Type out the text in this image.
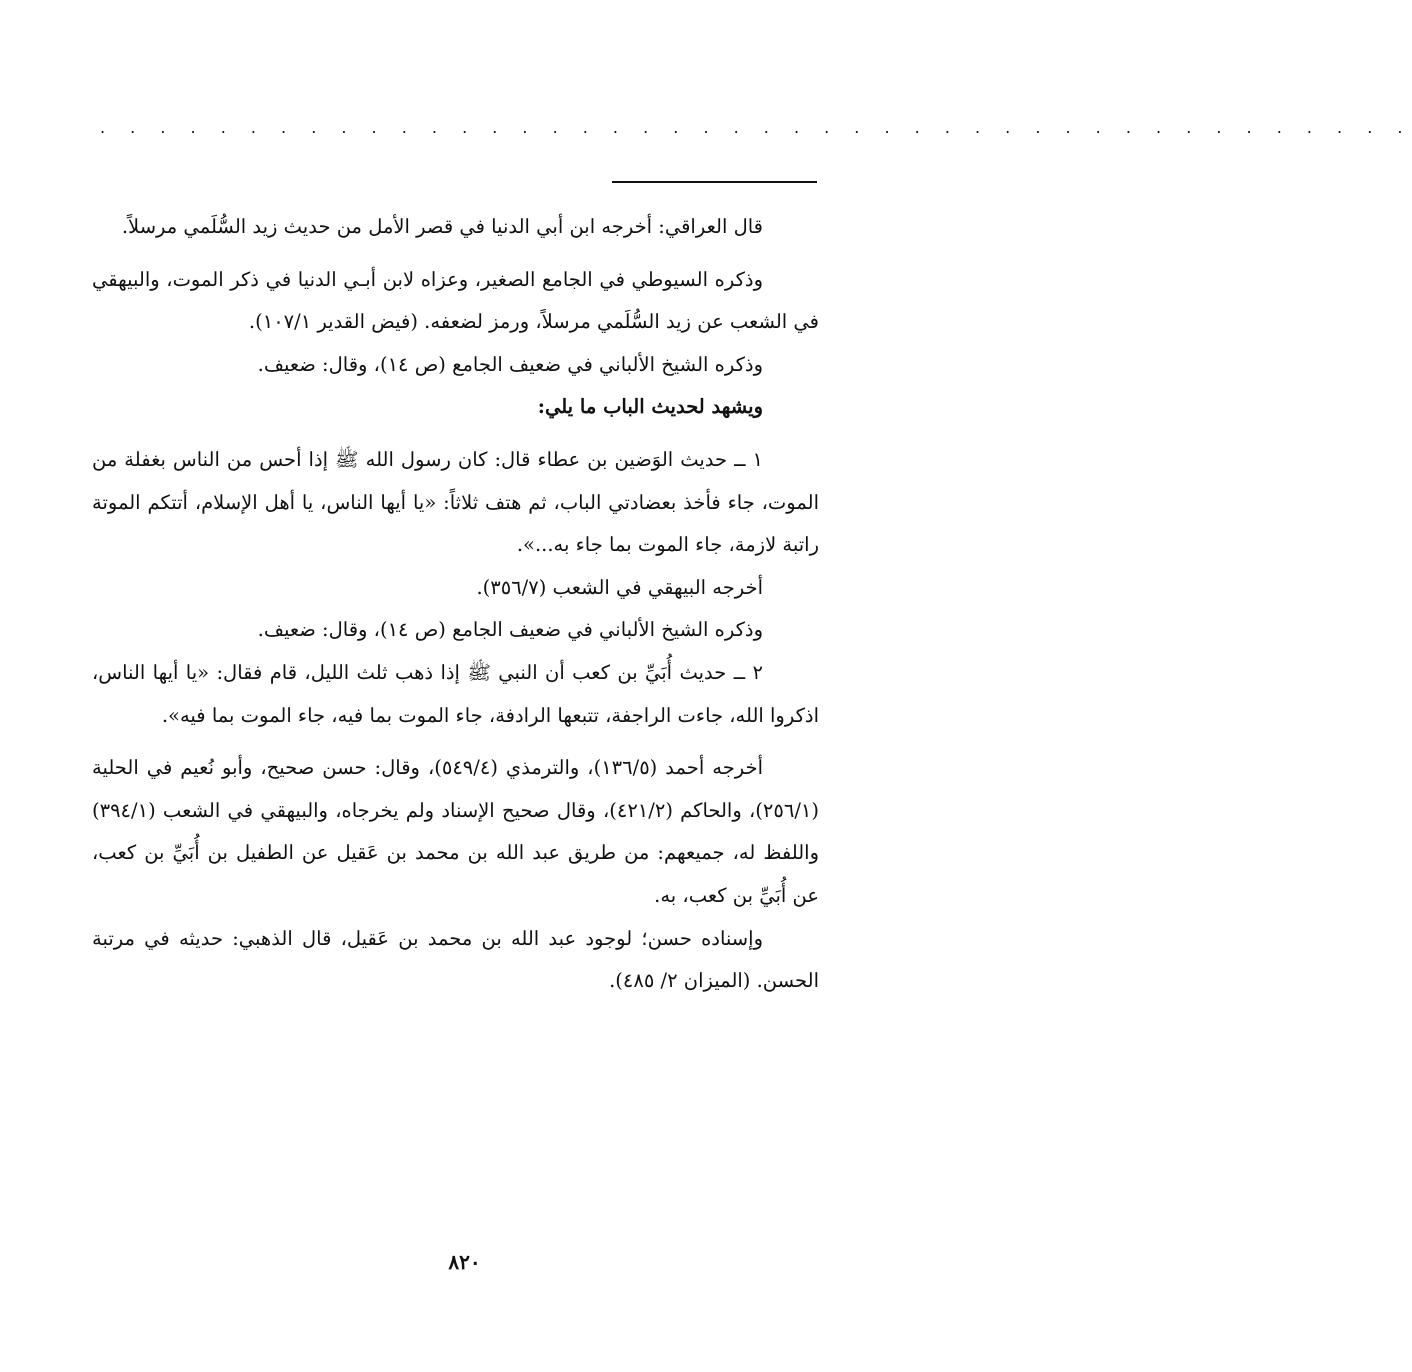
. . . . . . . . . . . . . . . . . . . . . . . . . . . . . . . . . . . . . . . . . . . .

قال العراقي: أخرجه ابن أبي الدنيا في قصر الأمل من حديث زيد السُّلَمي مرسلاً.

وذكره السيوطي في الجامع الصغير، وعزاه لابن أبـي الدنيا في ذكر الموت، والبيهقي في الشعب عن زيد السُّلَمي مرسلاً، ورمز لضعفه. (فيض القدير ١٠٧/١).

وذكره الشيخ الألباني في ضعيف الجامع (ص ١٤)، وقال: ضعيف.

ويشهد لحديث الباب ما يلي:

١ ــ حديث الوَضين بن عطاء قال: كان رسول الله ﷺ إذا أحس من الناس بغفلة من الموت، جاء فأخذ بعضادتي الباب، ثم هتف ثلاثاً: «يا أيها الناس، يا أهل الإسلام، أتتكم الموتة راتبة لازمة، جاء الموت بما جاء به...».

أخرجه البيهقي في الشعب (٣٥٦/٧).

وذكره الشيخ الألباني في ضعيف الجامع (ص ١٤)، وقال: ضعيف.

٢ ــ حديث أُبَيِّ بن كعب أن النبي ﷺ إذا ذهب ثلث الليل، قام فقال: «يا أيها الناس، اذكروا الله، جاءت الراجفة، تتبعها الرادفة، جاء الموت بما فيه، جاء الموت بما فيه».

أخرجه أحمد (١٣٦/٥)، والترمذي (٥٤٩/٤)، وقال: حسن صحيح، وأبو نُعيم في الحلية (٢٥٦/١)، والحاكم (٤٢١/٢)، وقال صحيح الإسناد ولم يخرجاه، والبيهقي في الشعب (٣٩٤/١) واللفظ له، جميعهم: من طريق عبد الله بن محمد بن عَقيل عن الطفيل بن أُبَيِّ بن كعب، عن أُبَيِّ بن كعب، به.

وإسناده حسن؛ لوجود عبد الله بن محمد بن عَقيل، قال الذهبي: حديثه في مرتبة الحسن. (الميزان ٢/ ٤٨٥).

٨٢٠
